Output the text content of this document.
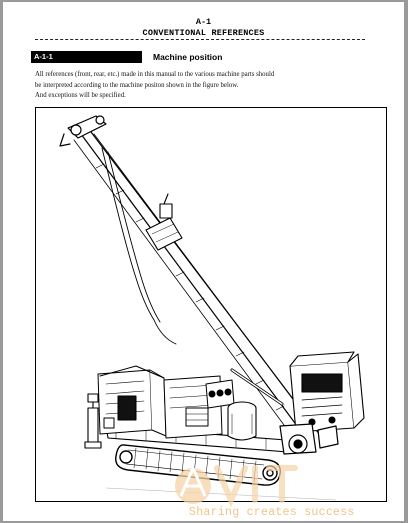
A-1
CONVENTIONAL REFERENCES
A-1-1	Machine position
All references (front, rear, etc.) made in this manual to the various machine parts should
be interpreted according to the machine positon shown in the figure below.
And exceptions will be specified.
Sharing creates success
